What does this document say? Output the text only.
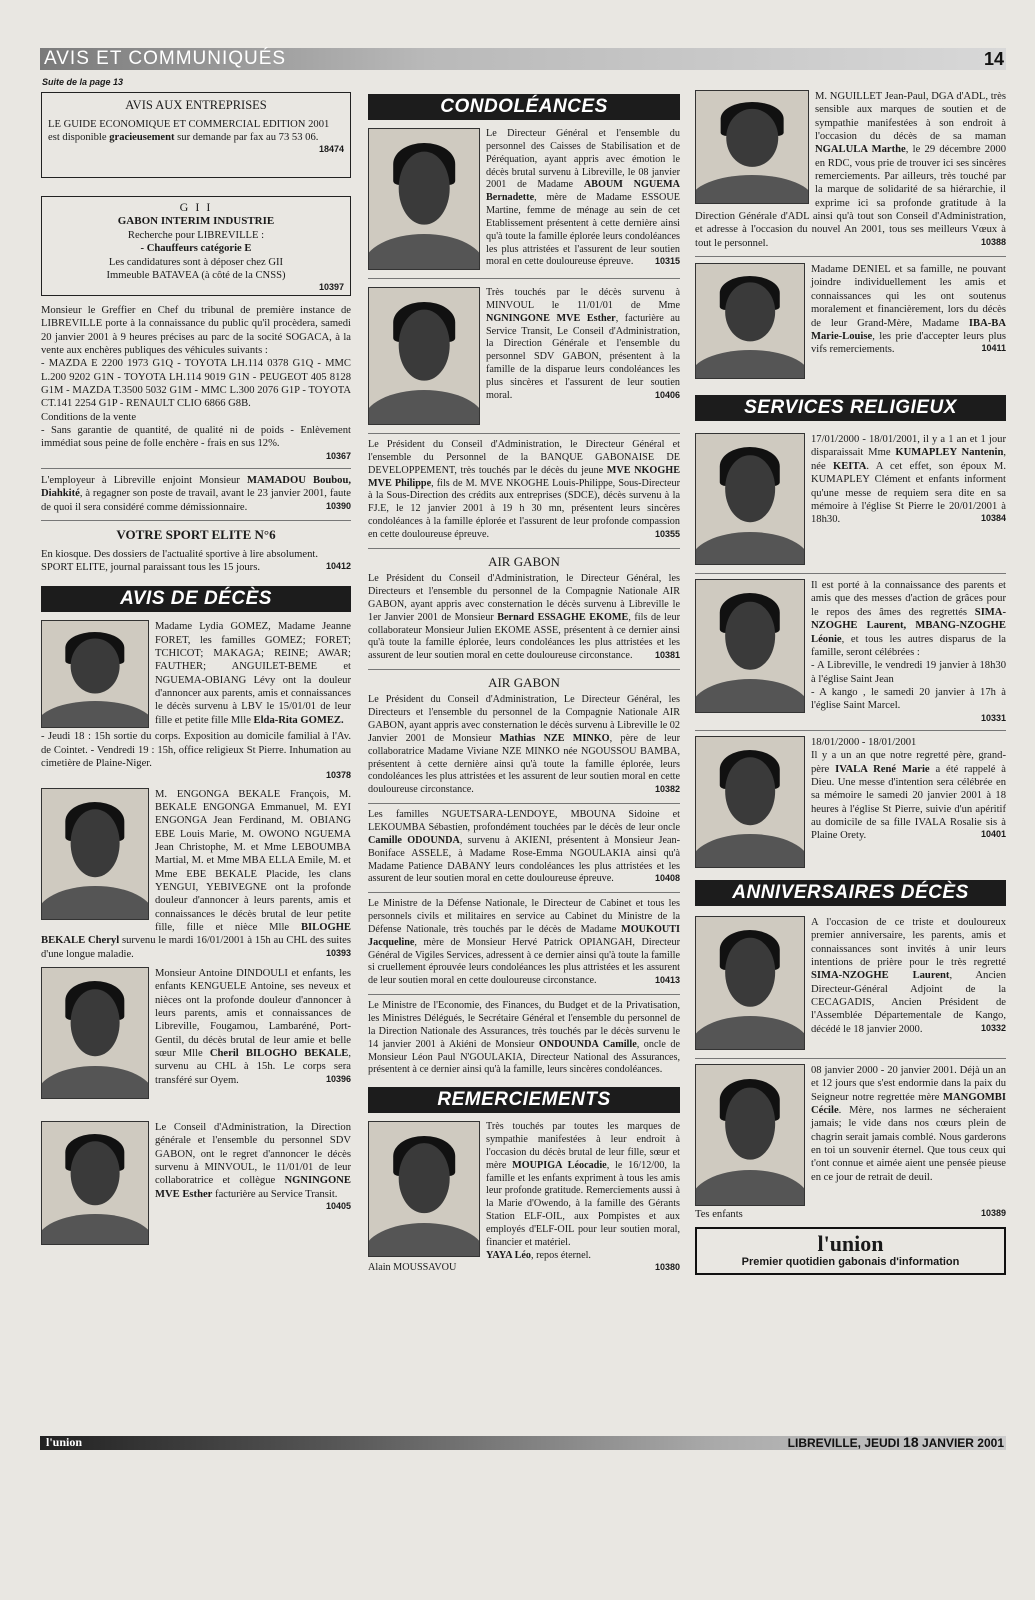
AVIS ET COMMUNIQUÉS	14
Suite de la page 13
AVIS AUX ENTREPRISES
LE GUIDE ECONOMIQUE ET COMMERCIAL EDITION 2001
est disponible gracieusement sur demande par fax au 73 53 06.
18474
G I I
GABON INTERIM INDUSTRIE
Recherche pour LIBREVILLE :
- Chauffeurs catégorie E
Les candidatures sont à déposer chez GII
Immeuble BATAVEA (à côté de la CNSS)
10397
Monsieur le Greffier en Chef du tribunal de première instance de LIBREVILLE porte à la connaissance du public qu'il procèdera, samedi 20 janvier 2001 à 9 heures précises au parc de la socité SOGACA, à la vente aux enchères publiques des véhicules suivants :
- MAZDA E 2200 1973 G1Q - TOYOTA LH.114 0378 G1Q - MMC L.200 9202 G1N - TOYOTA LH.114 9019 G1N - PEUGEOT 405 8128 G1M - MAZDA T.3500 5032 G1M - MMC L.300 2076 G1P - TOYOTA CT.141 2254 G1P - RENAULT CLIO 6866 G8B.
Conditions de la vente
- Sans garantie de quantité, de qualité ni de poids - Enlèvement immédiat sous peine de folle enchère - frais en sus 12%.
10367
L'employeur à Libreville enjoint Monsieur MAMADOU Boubou, Diahkité, à regagner son poste de travail, avant le 23 janvier 2001, faute de quoi il sera considéré comme démissionnaire.	10390
VOTRE SPORT ELITE N°6
En kiosque. Des dossiers de l'actualité sportive à lire absolument.
SPORT ELITE, journal paraissant tous les 15 jours.	10412
AVIS DE DÉCÈS
Madame Lydia GOMEZ, Madame Jeanne FORET, les familles GOMEZ; FORET; TCHICOT; MAKAGA; REINE; AWAR; FAUTHER; ANGUILET-BEME et NGUEMA-OBIANG Lévy ont la douleur d'annoncer aux parents, amis et connaissances le décès survenu à LBV le 15/01/01 de leur fille et petite fille Mlle Elda-Rita GOMEZ.
- Jeudi 18 : 15h sortie du corps. Exposition au domicile familial à l'Av. de Cointet. - Vendredi 19 : 15h, office religieux St Pierre. Inhumation au cimetière de Plaine-Niger.
10378
M. ENGONGA BEKALE François, M. BEKALE ENGONGA Emmanuel, M. EYI ENGONGA Jean Ferdinand, M. OBIANG EBE Louis Marie, M. OWONO NGUEMA Jean Christophe, M. et Mme LEBOUMBA Martial, M. et Mme MBA ELLA Emile, M. et Mme EBE BEKALE Placide, les clans YENGUI, YEBIVEGNE ont la profonde douleur d'annoncer à leurs parents, amis et connaissances le décès brutal de leur petite fille, fille et nièce Mlle BILOGHE BEKALE Cheryl survenu le mardi 16/01/2001 à 15h au CHL des suites d'une longue maladie.	10393
Monsieur Antoine DINDOULI et enfants, les enfants KENGUELE Antoine, ses neveux et nièces ont la profonde douleur d'annoncer à leurs parents, amis et connaissances de Libreville, Fougamou, Lambaréné, Port-Gentil, du décès brutal de leur amie et belle sœur Mlle Cheril BILOGHO BEKALE, survenu au CHL à 15h. Le corps sera transféré sur Oyem.	10396
Le Conseil d'Administration, la Direction générale et l'ensemble du personnel SDV GABON, ont le regret d'annoncer le décès survenu à MINVOUL, le 11/01/01 de leur collaboratrice et collègue NGNINGONE MVE Esther facturière au Service Transit.
10405
CONDOLÉANCES
Le Directeur Général et l'ensemble du personnel des Caisses de Stabilisation et de Péréquation, ayant appris avec émotion le décès brutal survenu à Libreville, le 08 janvier 2001 de Madame ABOUM NGUEMA Bernadette, mère de Madame ESSOUE Martine, femme de ménage au sein de cet Etablissement présentent à cette dernière ainsi qu'à toute la famille éplorée leurs condoléances les plus attristées et l'assurent de leur soutien moral en cette douloureuse épreuve. 10315
Très touchés par le décès survenu à MINVOUL le 11/01/01 de Mme NGNINGONE MVE Esther, facturière au Service Transit, Le Conseil d'Administration, la Direction Générale et l'ensemble du personnel SDV GABON, présentent à la famille de la disparue leurs condoléances les plus sincères et l'assurent de leur soutien moral.	10406
Le Président du Conseil d'Administration, le Directeur Général et l'ensemble du Personnel de la BANQUE GABONAISE DE DEVELOPPEMENT, très touchés par le décès du jeune MVE NKOGHE MVE Philippe, fils de M. MVE NKOGHE Louis-Philippe, Sous-Directeur à la Sous-Direction des crédits aux entreprises (SDCE), décès survenu à la FJ.E, le 12 janvier 2001 à 19 h 30 mn, présentent leurs sincères condoléances à la famille éplorée et l'assurent de leur profonde compassion en cette douloureuse épreuve.	10355
AIR GABON
Le Président du Conseil d'Administration, le Directeur Général, les Directeurs et l'ensemble du personnel de la Compagnie Nationale AIR GABON, ayant appris avec consternation le décès survenu à Libreville le 1er Janvier 2001 de Monsieur Bernard ESSAGHE EKOME, fils de leur collaborateur Monsieur Julien EKOME ASSE, présentent à ce dernier ainsi qu'à toute la famille éplorée, leurs condoléances les plus attristées et les assurent de leur soutien moral en cette douloureuse circonstance. 10381
AIR GABON
Le Président du Conseil d'Administration, Le Directeur Général, les Directeurs et l'ensemble du personnel de la Compagnie Nationale AIR GABON, ayant appris avec consternation le décès survenu à Libreville le 02 Janvier 2001 de Monsieur Mathias NZE MINKO, père de leur collaboratrice Madame Viviane NZE MINKO née NGOUSSOU BAMBA, présentent à cette dernière ainsi qu'à toute la famille éplorée, leurs condoléances les plus attristées et les assurent de leur soutien moral en cette douloureuse circonstance.	10382
Les familles NGUETSARA-LENDOYE, MBOUNA Sidoine et LEKOUMBA Sébastien, profondément touchées par le décès de leur oncle Camille ODOUNDA, survenu à AKIENI, présentent à Monsieur Jean-Boniface ASSELE, à Madame Rose-Emma NGOULAKIA ainsi qu'à Madame Patience DABANY leurs condoléances les plus attristées et les assurent de leur soutien moral en cette douloureuse épreuve.	10408
Le Ministre de la Défense Nationale, le Directeur de Cabinet et tous les personnels civils et militaires en service au Cabinet du Ministre de la Défense Nationale, très touchés par le décès de Madame MOUKOUTI Jacqueline, mère de Monsieur Hervé Patrick OPIANGAH, Directeur Général de Vigiles Services, adressent à ce dernier ainsi qu'à toute la famille si cruellement éprouvée leurs condoléances les plus attristées et les assurent de leur soutien moral en cette douloureuse circonstance.	10413
Le Ministre de l'Economie, des Finances, du Budget et de la Privatisation, les Ministres Délégués, le Secrétaire Général et l'ensemble du personnel de la Direction Nationale des Assurances, très touchés par le décès survenu le 14 janvier 2001 à Akiéni de Monsieur ONDOUNDA Camille, oncle de Monsieur Léon Paul N'GOULAKIA, Directeur National des Assurances, présentent à ce dernier ainsi qu'à la famille, leurs sincères condoléances.
REMERCIEMENTS
Très touchés par toutes les marques de sympathie manifestées à leur endroit à l'occasion du décès brutal de leur fille, sœur et mère MOUPIGA Léocadie, le 16/12/00, la famille et les enfants expriment à tous les amis leur profonde gratitude. Remerciements aussi à la Marie d'Owendo, à la famille des Gérants Station ELF-OIL, aux Pompistes et aux employés d'ELF-OIL pour leur soutien moral, financier et matériel.
YAYA Léo, repos éternel.
Alain MOUSSAVOU	10380
M. NGUILLET Jean-Paul, DGA d'ADL, très sensible aux marques de soutien et de sympathie manifestées à son endroit à l'occasion du décès de sa maman NGALULA Marthe, le 29 décembre 2000 en RDC, vous prie de trouver ici ses sincères remerciements. Par ailleurs, très touché par la marque de solidarité de sa hiérarchie, il exprime ici sa profonde gratitude à la Direction Générale d'ADL ainsi qu'à tout son Conseil d'Administration, et adresse à l'occasion du nouvel An 2001, tous ses meilleurs Vœux à tout le personnel.	10388
Madame DENIEL et sa famille, ne pouvant joindre individuellement les amis et connaissances qui les ont soutenus moralement et financièrement, lors du décès de leur Grand-Mère, Madame IBA-BA Marie-Louise, les prie d'accepter leurs plus vifs remerciements.	10411
SERVICES RELIGIEUX
17/01/2000 - 18/01/2001, il y a 1 an et 1 jour disparaissait Mme KUMAPLEY Nantenin, née KEITA. A cet effet, son époux M. KUMAPLEY Clément et enfants informent qu'une messe de requiem sera dite en sa mémoire à l'église St Pierre le 20/01/2001 à 18h30.	10384
Il est porté à la connaissance des parents et amis que des messes d'action de grâces pour le repos des âmes des regrettés SIMA-NZOGHE Laurent, MBANG-NZOGHE Léonie, et tous les autres disparus de la famille, seront célébrées :
- A Libreville, le vendredi 19 janvier à 18h30 à l'église Saint Jean
- A kango , le samedi 20 janvier à 17h à l'église Saint Marcel.
10331
18/01/2000 - 18/01/2001
Il y a un an que notre regretté père, grand-père IVALA René Marie a été rappelé à Dieu. Une messe d'intention sera célébrée en sa mémoire le samedi 20 janvier 2001 à 18 heures à l'église St Pierre, suivie d'un apéritif au domicile de sa fille IVALA Rosalie sis à Plaine Orety.	10401
ANNIVERSAIRES DÉCÈS
A l'occasion de ce triste et douloureux premier anniversaire, les parents, amis et connaissances sont invités à unir leurs intentions de prière pour le très regretté SIMA-NZOGHE Laurent, Ancien Directeur-Général Adjoint de la CECAGADIS, Ancien Président de l'Assemblée Départementale de Kango, décédé le 18 janvier 2000.	10332
08 janvier 2000 - 20 janvier 2001. Déjà un an et 12 jours que s'est endormie dans la paix du Seigneur notre regrettée mère MANGOMBI Cécile. Mère, nos larmes ne sécheraient jamais; le vide dans nos cœurs plein de chagrin serait jamais comblé. Nous garderons en toi un souvenir éternel. Que tous ceux qui t'ont connue et aimée aient une pensée pieuse en ce jour de retrait de deuil.
Tes enfants	10389
l'union
Premier quotidien gabonais d'information
l'union	LIBREVILLE, JEUDI 18 JANVIER 2001
